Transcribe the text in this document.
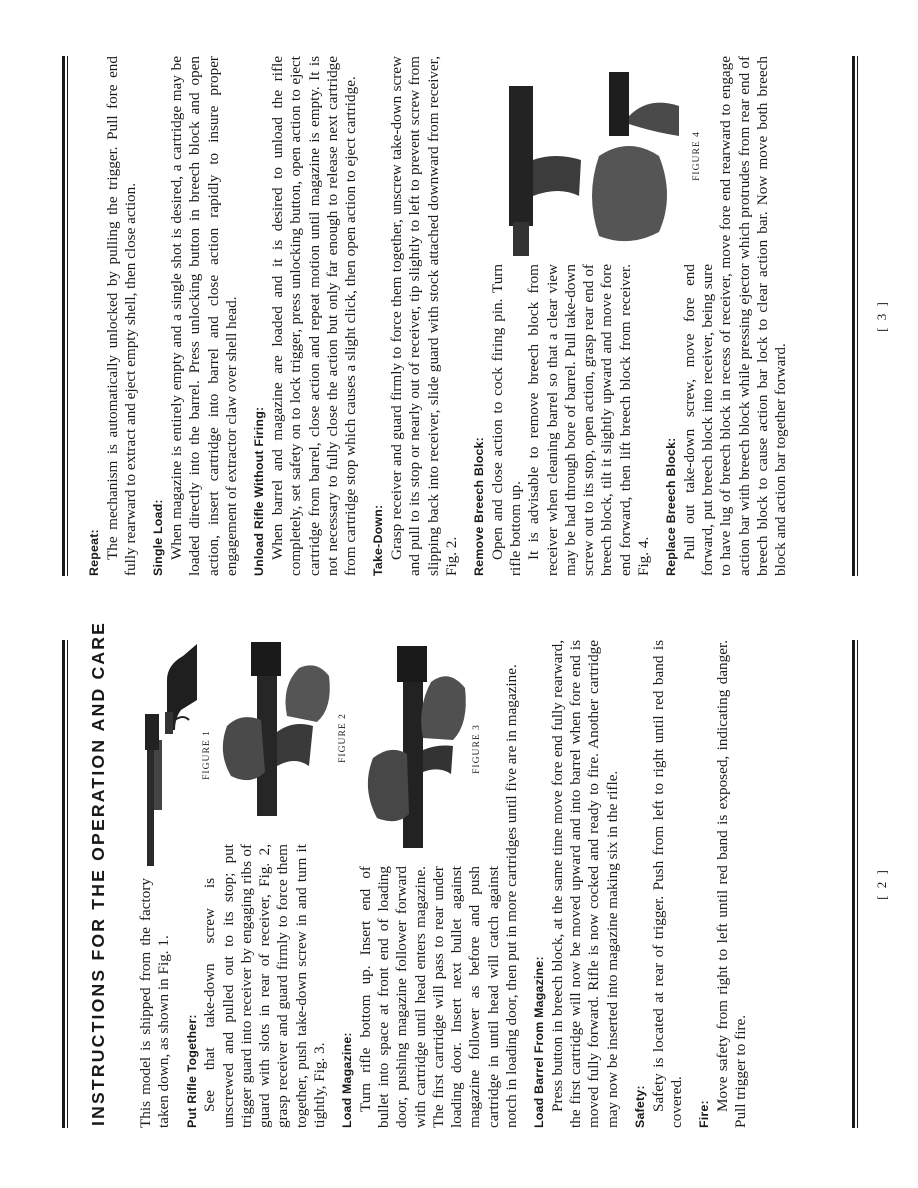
INSTRUCTIONS FOR THE OPERATION AND CARE	FIGURE 1

This model is shipped from the factory taken down, as shown in Fig. 1. Put Rifle Together:
FIGURE 2

See that take-down screw is unscrewed and pulled out to its stop; put trigger guard into receiver by engaging ribs of guard with slots in rear of receiver, Fig. 2, grasp receiver and guard firmly to force them together, push take-down screw in and turn it tightly, Fig. 3. Load Magazine:
FIGURE 3

Turn rifle bottom up. Insert end of bullet into space at front end of loading door, pushing magazine follower forward with cartridge until head enters magazine. The first cartridge will pass to rear under loading door. Insert next bullet against magazine follower as before and push cartridge in until head will catch against notch in loading door, then put in more cartridges until five are in magazine. Load Barrel From Magazine: Press button in breech block, at the same time move fore end fully rearward, the first cartridge will now be moved upward and into barrel when fore end is moved fully forward. Rifle is now cocked and ready to fire. Another cartridge may now be inserted into magazine making six in the rifle. Safety: Safety is located at rear of trigger. Push from left to right until red band is covered. Fire:

Move safety from right to left until red band is exposed, indicating danger. Pull trigger to fire.

[ 2 ]
Repeat: The mechanism is automatically unlocked by pulling the trigger. Pull fore end fully rearward to extract and eject empty shell, then close action. Single Load: When magazine is entirely empty and a single shot is desired, a cartridge may be loaded directly into the barrel. Press unlocking button in breech block and open action, insert cartridge into barrel and close action rapidly to insure proper engagement of extractor claw over shell head. Unload Rifle Without Firing: When barrel and magazine are loaded and it is desired to unload the rifle completely, set safety on to lock trigger, press unlocking button, open action to eject cartridge from barrel, close action and repeat motion until magazine is empty. It is not necessary to fully close the action but only far enough to release next cartridge from cartridge stop which causes a slight click, then open action to eject cartridge. Take-Down: Grasp receiver and guard firmly to force them together, unscrew take-down screw and pull to its stop or nearly out of receiver, tip slightly to left to prevent screw from slipping back into receiver, slide guard with stock attached downward from receiver, Fig. 2. Remove Breech Block:
FIGURE 4

Open and close action to cock firing pin. Turn rifle bottom up. It is advisable to remove breech block from receiver when cleaning barrel so that a clear view may be had through bore of barrel. Pull take-down screw out to its stop, open action, grasp rear end of breech block, tilt it slightly upward and move fore end forward, then lift breech block from receiver. Fig. 4. Replace Breech Block: Pull out take-down screw, move fore end forward, put breech block into receiver, being sure to have lug of breech block in recess of receiver, move fore end rearward to engage action bar with breech block while pressing ejector which protrudes from rear end of breech block to cause action bar lock to clear action bar. Now move both breech block and action bar together forward.

[ 3 ]
